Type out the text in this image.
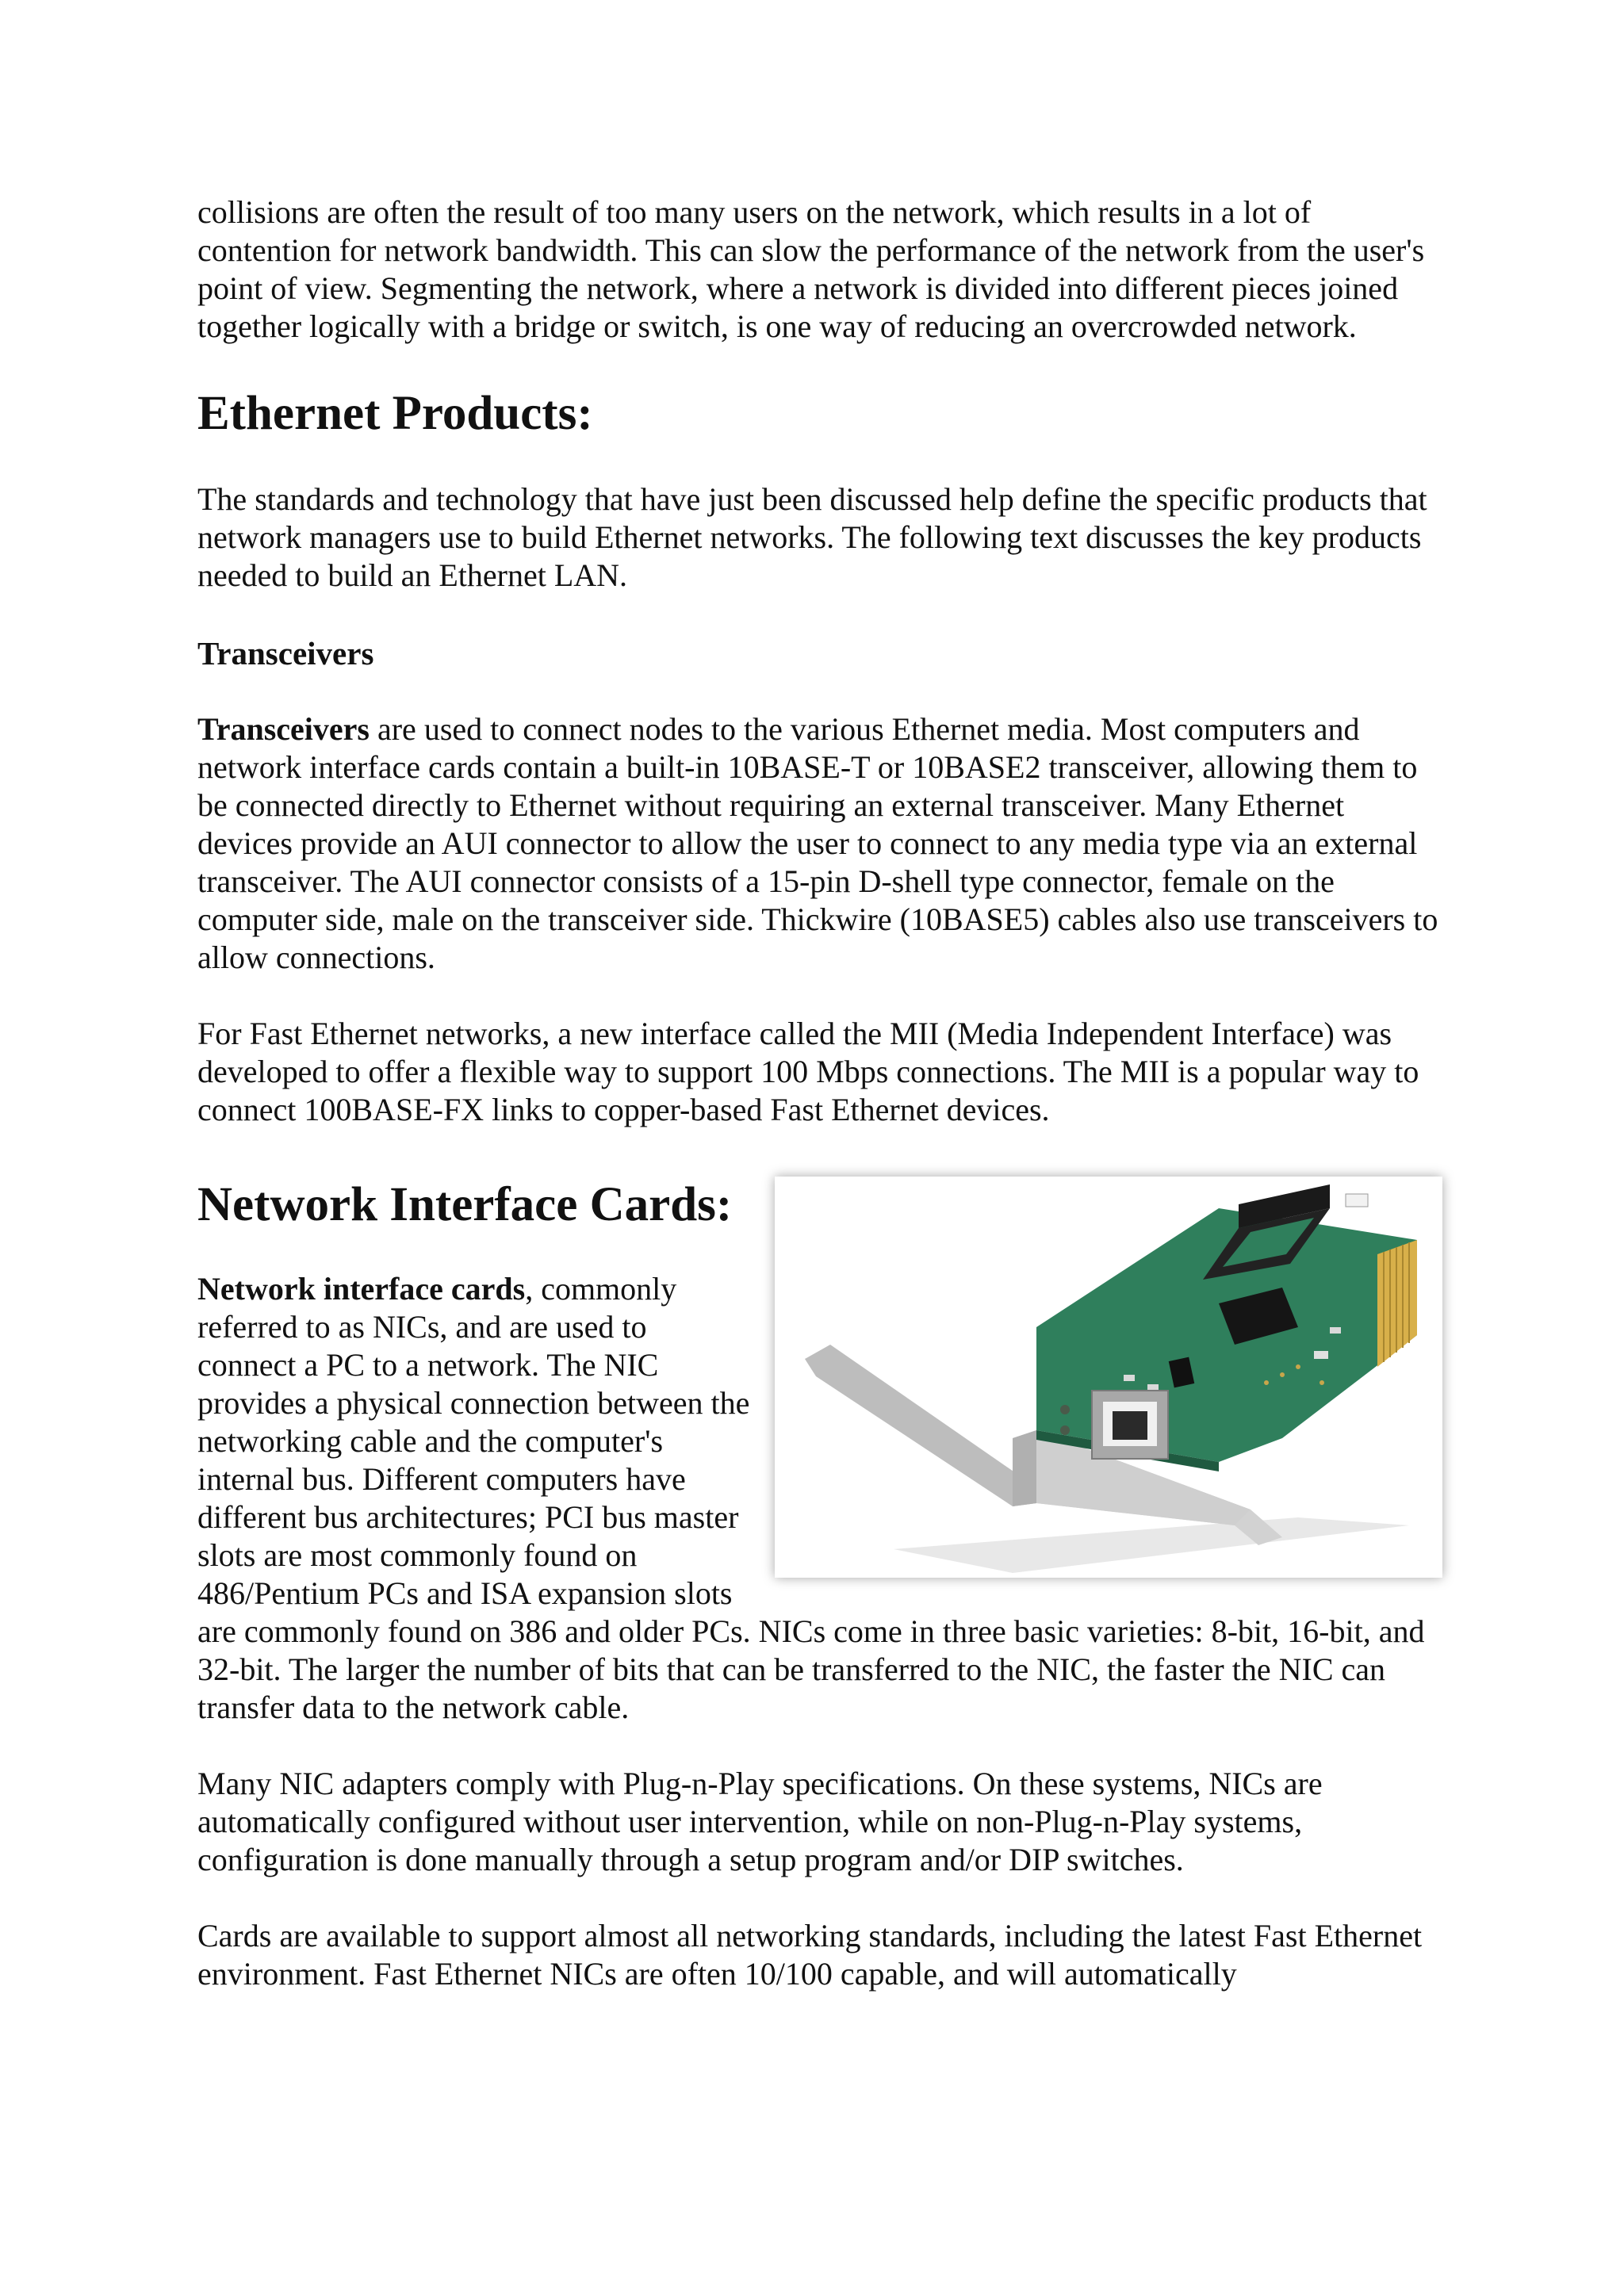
collisions are often the result of too many users on the network, which results in a lot of contention for network bandwidth. This can slow the performance of the network from the user's point of view. Segmenting the network, where a network is divided into different pieces joined together logically with a bridge or switch, is one way of reducing an overcrowded network.

Ethernet Products:

The standards and technology that have just been discussed help define the specific products that network managers use to build Ethernet networks. The following text discusses the key products needed to build an Ethernet LAN.

Transceivers

Transceivers are used to connect nodes to the various Ethernet media. Most computers and network interface cards contain a built-in 10BASE-T or 10BASE2 transceiver, allowing them to be connected directly to Ethernet without requiring an external transceiver. Many Ethernet devices provide an AUI connector to allow the user to connect to any media type via an external transceiver. The AUI connector consists of a 15-pin D-shell type connector, female on the computer side, male on the transceiver side. Thickwire (10BASE5) cables also use transceivers to allow connections.

For Fast Ethernet networks, a new interface called the MII (Media Independent Interface) was developed to offer a flexible way to support 100 Mbps connections. The MII is a popular way to connect 100BASE-FX links to copper-based Fast Ethernet devices.

Network Interface Cards:

Network interface cards, commonly referred to as NICs, and are used to connect a PC to a network. The NIC provides a physical connection between the networking cable and the computer's internal bus. Different computers have different bus architectures; PCI bus master slots are most commonly found on 486/Pentium PCs and ISA expansion slots are commonly found on 386 and older PCs. NICs come in three basic varieties: 8-bit, 16-bit, and 32-bit. The larger the number of bits that can be transferred to the NIC, the faster the NIC can transfer data to the network cable.

Many NIC adapters comply with Plug-n-Play specifications. On these systems, NICs are automatically configured without user intervention, while on non-Plug-n-Play systems, configuration is done manually through a setup program and/or DIP switches.

Cards are available to support almost all networking standards, including the latest Fast Ethernet environment. Fast Ethernet NICs are often 10/100 capable, and will automatically
